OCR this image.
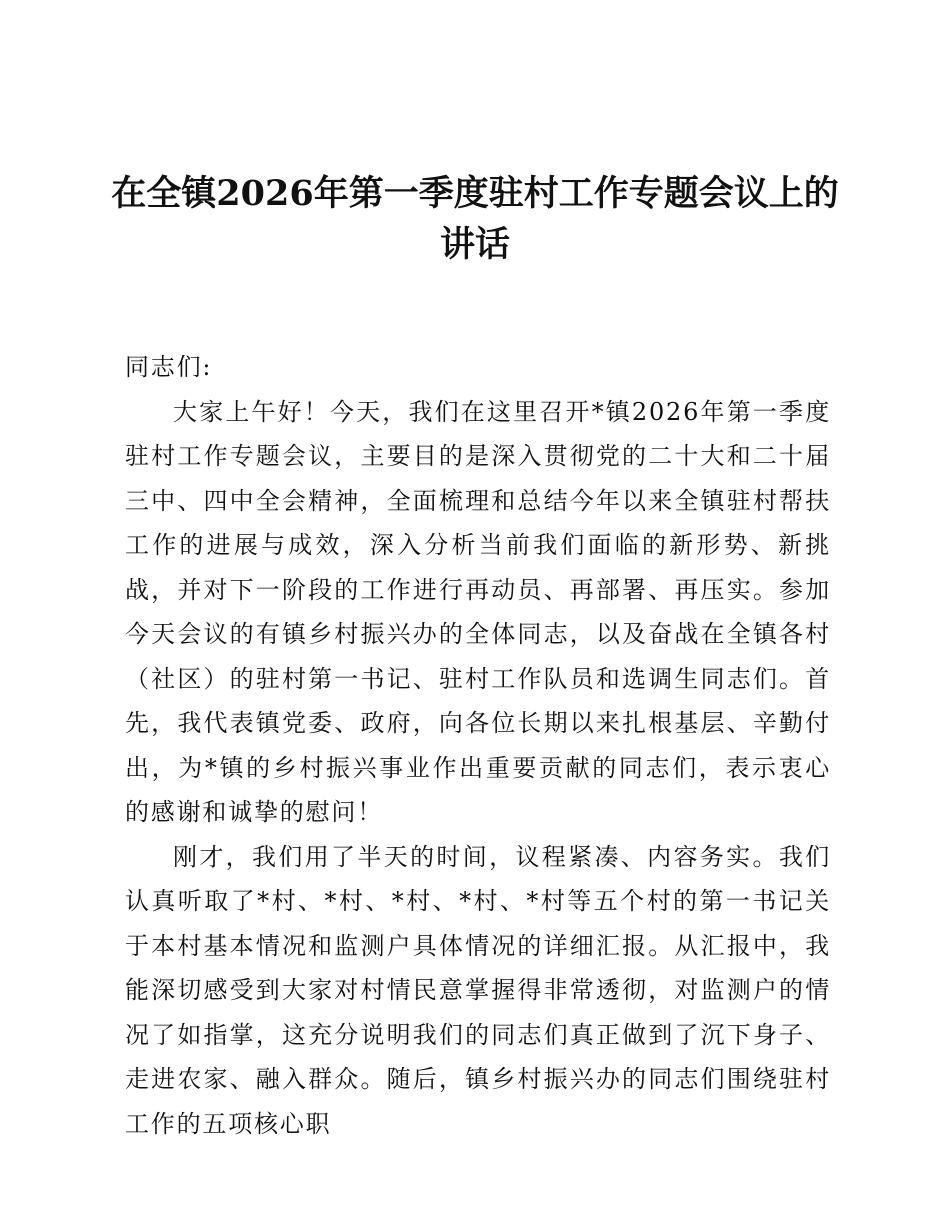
在全镇2026年第一季度驻村工作专题会议上的讲话

同志们:

大家上午好！今天，我们在这里召开*镇2026年第一季度驻村工作专题会议，主要目的是深入贯彻党的二十大和二十届三中、四中全会精神，全面梳理和总结今年以来全镇驻村帮扶工作的进展与成效，深入分析当前我们面临的新形势、新挑战，并对下一阶段的工作进行再动员、再部署、再压实。参加今天会议的有镇乡村振兴办的全体同志，以及奋战在全镇各村（社区）的驻村第一书记、驻村工作队员和选调生同志们。首先，我代表镇党委、政府，向各位长期以来扎根基层、辛勤付出，为*镇的乡村振兴事业作出重要贡献的同志们，表示衷心的感谢和诚挚的慰问！

刚才，我们用了半天的时间，议程紧凑、内容务实。我们认真听取了*村、*村、*村、*村、*村等五个村的第一书记关于本村基本情况和监测户具体情况的详细汇报。从汇报中，我能深切感受到大家对村情民意掌握得非常透彻，对监测户的情况了如指掌，这充分说明我们的同志们真正做到了沉下身子、走进农家、融入群众。随后，镇乡村振兴办的同志们围绕驻村工作的五项核心职
